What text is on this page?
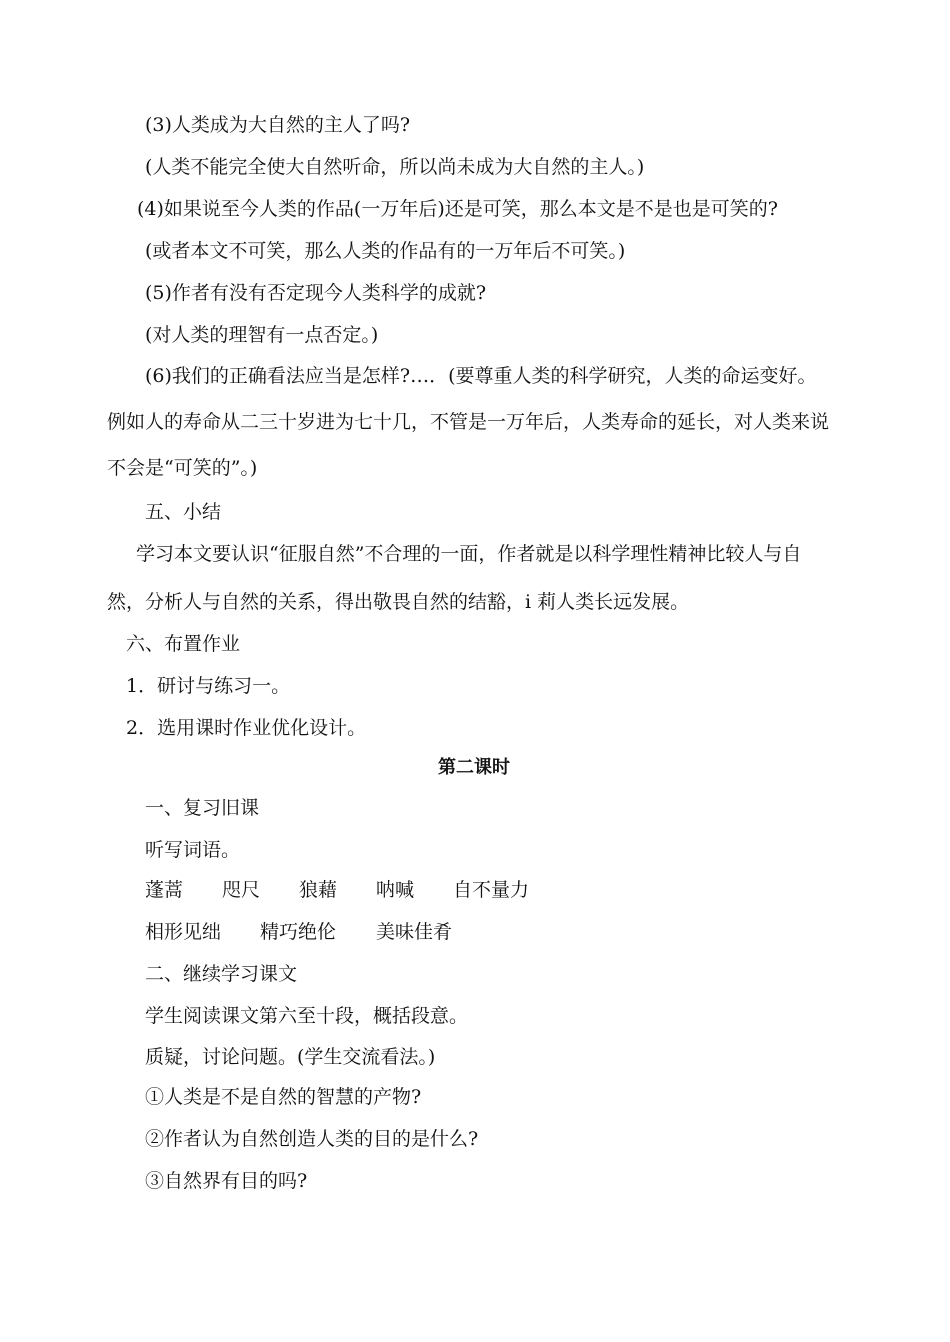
(3)人类成为大自然的主人了吗?
(人类不能完全使大自然听命，所以尚未成为大自然的主人。)
(4)如果说至今人类的作品(一万年后)还是可笑，那么本文是不是也是可笑的?
(或者本文不可笑，那么人类的作品有的一万年后不可笑。)
(5)作者有没有否定现今人类科学的成就?
(对人类的理智有一点否定。)
(6)我们的正确看法应当是怎样?…．(要尊重人类的科学研究，人类的命运变好。
例如人的寿命从二三十岁进为七十几，不管是一万年后，人类寿命的延长，对人类来说
不会是“可笑的”。)
五、小结
学习本文要认识“征服自然”不合理的一面，作者就是以科学理性精神比较人与自
然，分析人与自然的关系，得出敬畏自然的结豁，i 莉人类长远发展。
六、布置作业
1．研讨与练习一。
2．选用课时作业优化设计。
第二课时
一、复习旧课
听写词语。
蓬蒿 咫尺 狼藉 呐喊 自不量力
相形见绌 精巧绝伦 美味佳肴
二、继续学习课文
学生阅读课文第六至十段，概括段意。
质疑，讨论问题。(学生交流看法。)
①人类是不是自然的智慧的产物?
②作者认为自然创造人类的目的是什么?
③自然界有目的吗?
